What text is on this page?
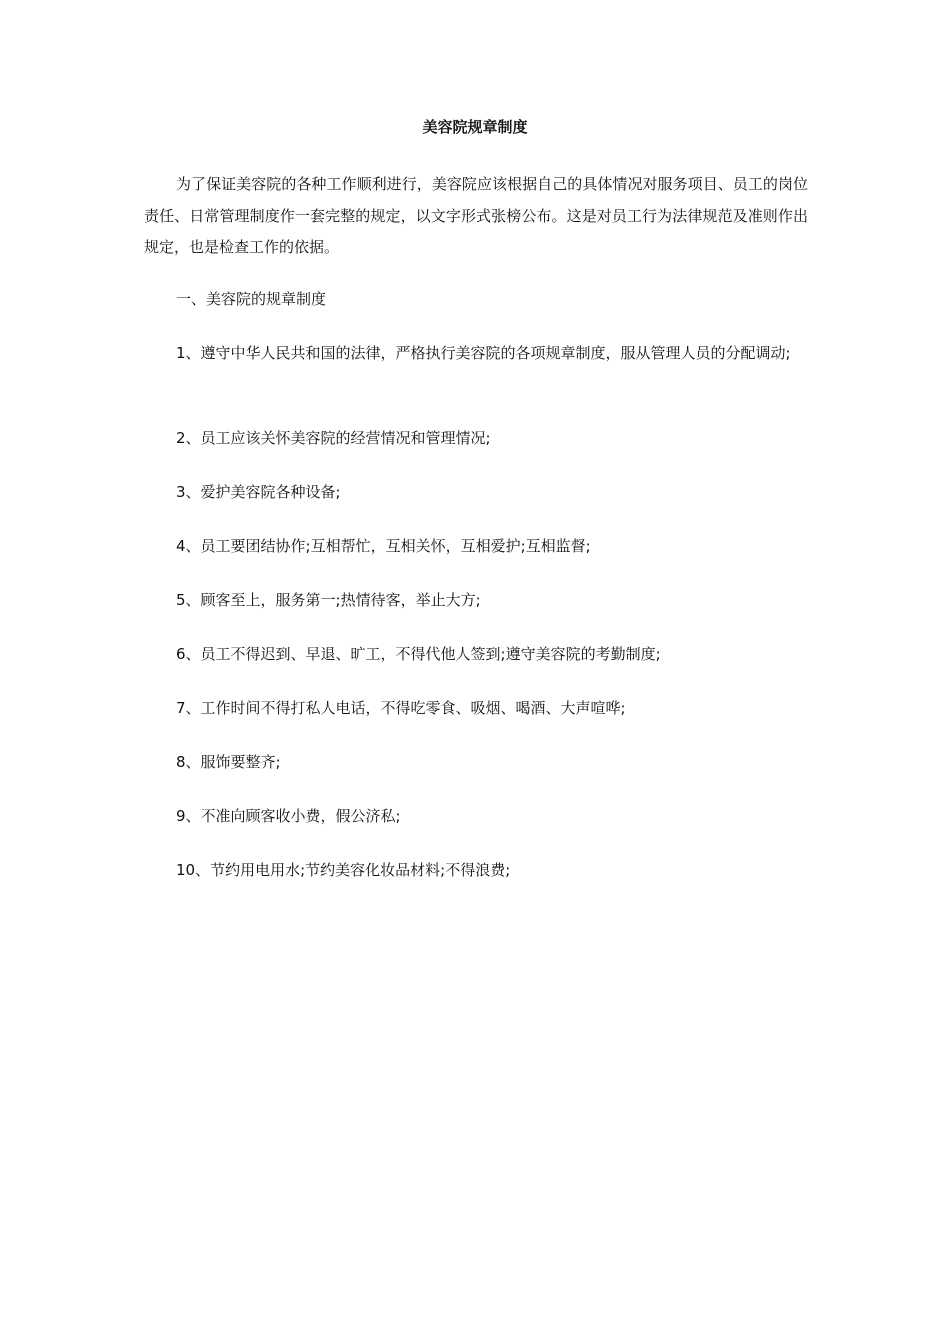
美容院规章制度

为了保证美容院的各种工作顺利进行，美容院应该根据自己的具体情况对服务项目、员工的岗位责任、日常管理制度作一套完整的规定，以文字形式张榜公布。这是对员工行为法律规范及准则作出规定，也是检查工作的依据。

一、美容院的规章制度

1、遵守中华人民共和国的法律，严格执行美容院的各项规章制度，服从管理人员的分配调动;

2、员工应该关怀美容院的经营情况和管理情况;

3、爱护美容院各种设备;

4、员工要团结协作;互相帮忙，互相关怀，互相爱护;互相监督;

5、顾客至上，服务第一;热情待客，举止大方;

6、员工不得迟到、早退、旷工，不得代他人签到;遵守美容院的考勤制度;

7、工作时间不得打私人电话，不得吃零食、吸烟、喝酒、大声喧哗;

8、服饰要整齐;

9、不准向顾客收小费，假公济私;

10、节约用电用水;节约美容化妆品材料;不得浪费;
